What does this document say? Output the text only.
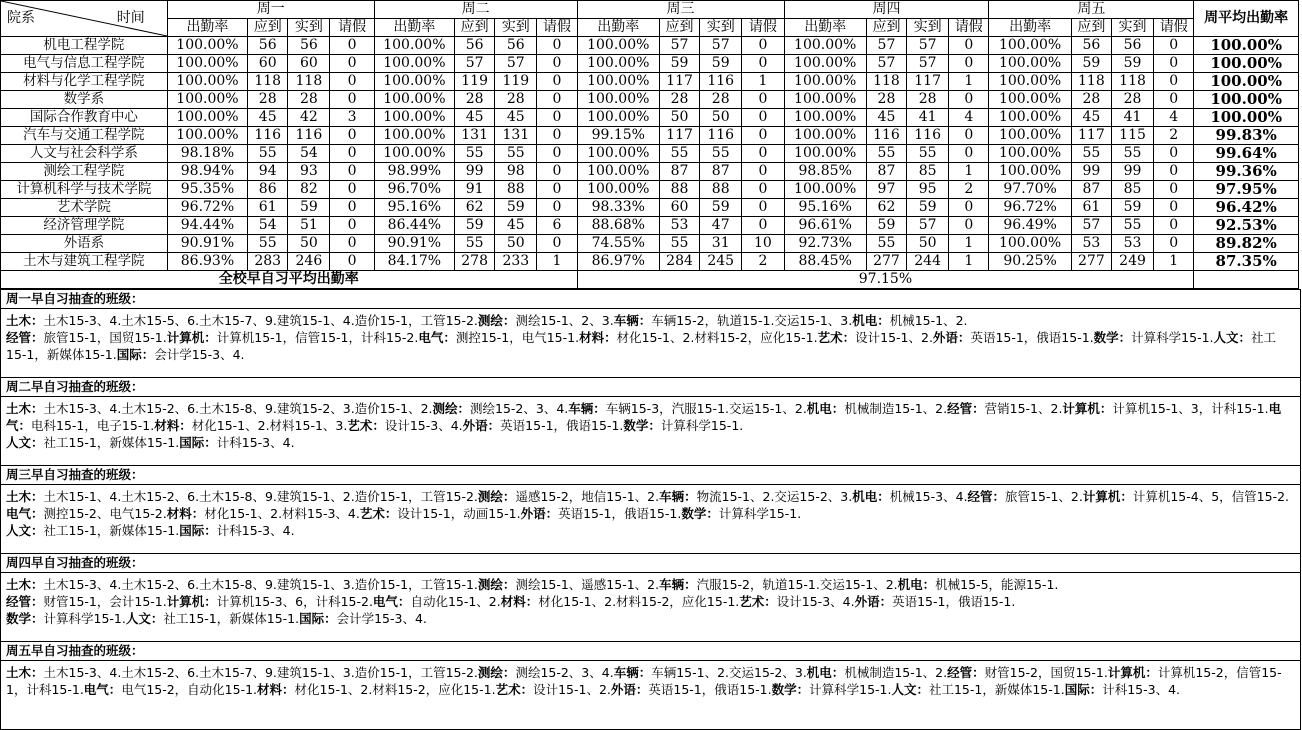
院系 时间	周一				周二				周三				周四				周五				周平均出勤率
	出勤率	应到	实到	请假	出勤率	应到	实到	请假	出勤率	应到	实到	请假	出勤率	应到	实到	请假	出勤率	应到	实到	请假	
机电工程学院	100.00%	56	56	0	100.00%	56	56	0	100.00%	57	57	0	100.00%	57	57	0	100.00%	56	56	0	100.00%
电气与信息工程学院	100.00%	60	60	0	100.00%	57	57	0	100.00%	59	59	0	100.00%	57	57	0	100.00%	59	59	0	100.00%
材料与化学工程学院	100.00%	118	118	0	100.00%	119	119	0	100.00%	117	116	1	100.00%	118	117	1	100.00%	118	118	0	100.00%
数学系	100.00%	28	28	0	100.00%	28	28	0	100.00%	28	28	0	100.00%	28	28	0	100.00%	28	28	0	100.00%
国际合作教育中心	100.00%	45	42	3	100.00%	45	45	0	100.00%	50	50	0	100.00%	45	41	4	100.00%	45	41	4	100.00%
汽车与交通工程学院	100.00%	116	116	0	100.00%	131	131	0	99.15%	117	116	0	100.00%	116	116	0	100.00%	117	115	2	99.83%
人文与社会科学系	98.18%	55	54	0	100.00%	55	55	0	100.00%	55	55	0	100.00%	55	55	0	100.00%	55	55	0	99.64%
测绘工程学院	98.94%	94	93	0	98.99%	99	98	0	100.00%	87	87	0	98.85%	87	85	1	100.00%	99	99	0	99.36%
计算机科学与技术学院	95.35%	86	82	0	96.70%	91	88	0	100.00%	88	88	0	100.00%	97	95	2	97.70%	87	85	0	97.95%
艺术学院	96.72%	61	59	0	95.16%	62	59	0	98.33%	60	59	0	95.16%	62	59	0	96.72%	61	59	0	96.42%
经济管理学院	94.44%	54	51	0	86.44%	59	45	6	88.68%	53	47	0	96.61%	59	57	0	96.49%	57	55	0	92.53%
外语系	90.91%	55	50	0	90.91%	55	50	0	74.55%	55	31	10	92.73%	55	50	1	100.00%	53	53	0	89.82%
土木与建筑工程学院	86.93%	283	246	0	84.17%	278	233	1	86.97%	284	245	2	88.45%	277	244	1	90.25%	277	249	1	87.35%
全校早自习平均出勤率									97.15%												
周一早自习抽查的班级：
土木：土木15-3、4.土木15-5、6.土木15-7、9.建筑15-1、4.造价15-1，工管15-2.测绘：测绘15-1、2、3.车辆：车辆15-2，轨道15-1.交运15-1、3.机电：机械15-1、2.
经管：旅管15-1，国贸15-1.计算机：计算机15-1，信管15-1，计科15-2.电气：测控15-1，电气15-1.材料：材化15-1、2.材料15-2，应化15-1.艺术：设计15-1、2.外语：英语15-1，俄语15-1.数学：计算科学15-1.人文：社工15-1，新媒体15-1.国际：会计学15-3、4.
周二早自习抽查的班级：
土木：土木15-3、4.土木15-2、6.土木15-8、9.建筑15-2、3.造价15-1、2.测绘：测绘15-2、3、4.车辆：车辆15-3，汽服15-1.交运15-1、2.机电：机械制造15-1、2.经管：营销15-1、2.计算机：计算机15-1、3，计科15-1.电气：电科15-1，电子15-1.材料：材化15-1、2.材料15-1、3.艺术：设计15-3、4.外语：英语15-1，俄语15-1.数学：计算科学15-1.
人文：社工15-1，新媒体15-1.国际：计科15-3、4.
周三早自习抽查的班级：
土木：土木15-1、4.土木15-2、6.土木15-8、9.建筑15-1、2.造价15-1，工管15-2.测绘：遥感15-2，地信15-1、2.车辆：物流15-1、2.交运15-2、3.机电：机械15-3、4.经管：旅管15-1、2.计算机：计算机15-4、5，信管15-2.电气：测控15-2、电气15-2.材料：材化15-1、2.材料15-3、4.艺术：设计15-1，动画15-1.外语：英语15-1，俄语15-1.数学：计算科学15-1.
人文：社工15-1，新媒体15-1.国际：计科15-3、4.
周四早自习抽查的班级：
土木：土木15-3、4.土木15-2、6.土木15-8、9.建筑15-1、3.造价15-1，工管15-1.测绘：测绘15-1、遥感15-1、2.车辆：汽服15-2，轨道15-1.交运15-1、2.机电：机械15-5，能源15-1.
经管：财管15-1，会计15-1.计算机：计算机15-3、6，计科15-2.电气：自动化15-1、2.材料：材化15-1、2.材料15-2，应化15-1.艺术：设计15-3、4.外语：英语15-1，俄语15-1.
数学：计算科学15-1.人文：社工15-1，新媒体15-1.国际：会计学15-3、4.
周五早自习抽查的班级：
土木：土木15-3、4.土木15-2、6.土木15-7、9.建筑15-1、3.造价15-1，工管15-2.测绘：测绘15-2、3、4.车辆：车辆15-1、2.交运15-2、3.机电：机械制造15-1、2.经管：财管15-2，国贸15-1.计算机：计算机15-2，信管15-1，计科15-1.电气：电气15-2，自动化15-1.材料：材化15-1、2.材料15-2，应化15-1.艺术：设计15-1、2.外语：英语15-1，俄语15-1.数学：计算科学15-1.人文：社工15-1，新媒体15-1.国际：计科15-3、4.
